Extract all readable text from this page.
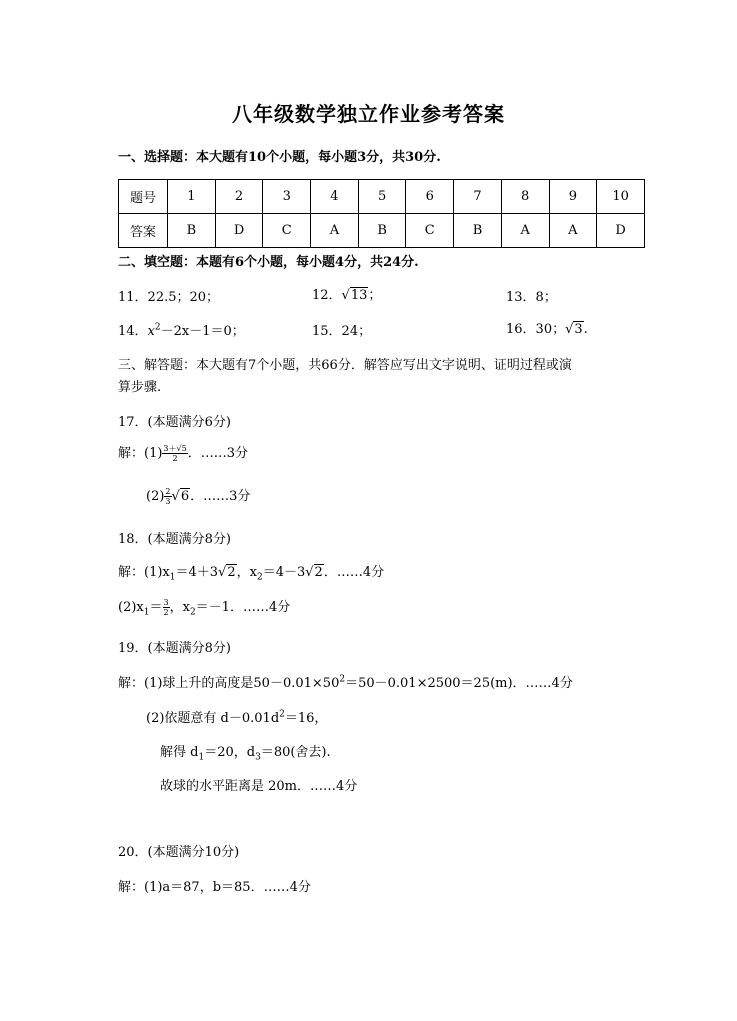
八年级数学独立作业参考答案
一、选择题：本大题有10个小题，每小题3分，共30分.
题号	1	2	3	4	5	6	7	8	9	10
答案	B	D	C	A	B	C	B	A	A	D
二、填空题：本题有6个小题，每小题4分，共24分.
11．22.5；20；	12．√13；	13．8；
14．$x^2-2x-1=0$；	15．24；	16．30；√3.
三、解答题：本大题有7个小题，共66分．解答应写出文字说明、证明过程或演
算步骤.
17．(本题满分6分)
解：$(1) \frac{3+√5}{2}$ ．……3分
$(2) \frac{2}{3} √6$．……3分
18．(本题满分8分)
解：$(1)x_1=4+3√2$，$x_2=4-3√2$．……4分
$(2)x_1= \frac{3}{2}$ ，$x_2=-1$．……4分
19．(本题满分8分)
解：(1)球上升的高度是$50-0.01\times 50^2=50-0.01\times 2500=25(m)$．……4分
(2)依题意有 $d-0.01d^2=16$，
解得 $d_1=20$，$d_3=80$(舍去).
故球的水平距离是 20m．……4分
20．(本题满分10分)
解：(1)a＝87，b＝85．……4分
